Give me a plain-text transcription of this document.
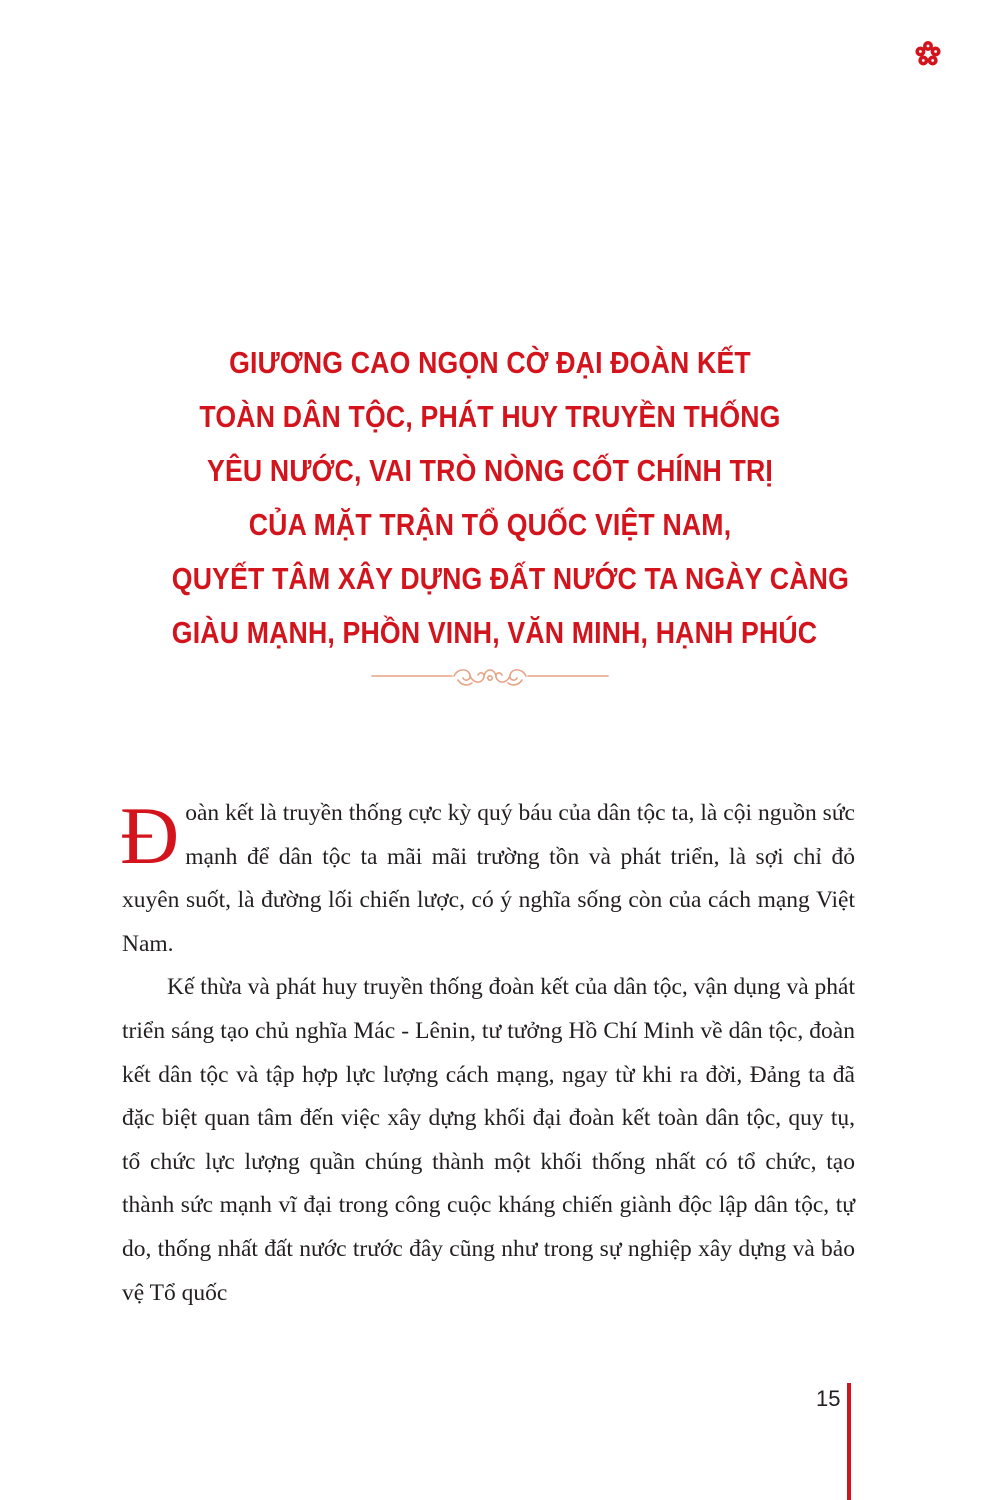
GIƯƠNG CAO NGỌN CỜ ĐẠI ĐOÀN KẾT
TOÀN DÂN TỘC, PHÁT HUY TRUYỀN THỐNG
YÊU NƯỚC, VAI TRÒ NÒNG CỐT CHÍNH TRỊ
CỦA MẶT TRẬN TỔ QUỐC VIỆT NAM,
QUYẾT TÂM XÂY DỰNG ĐẤT NƯỚC TA NGÀY CÀNG
GIÀU MẠNH, PHỒN VINH, VĂN MINH, HẠNH PHÚC

Đoàn kết là truyền thống cực kỳ quý báu của dân tộc ta, là cội nguồn sức mạnh để dân tộc ta mãi mãi trường tồn và phát triển, là sợi chỉ đỏ xuyên suốt, là đường lối chiến lược, có ý nghĩa sống còn của cách mạng Việt Nam.

Kế thừa và phát huy truyền thống đoàn kết của dân tộc, vận dụng và phát triển sáng tạo chủ nghĩa Mác - Lênin, tư tưởng Hồ Chí Minh về dân tộc, đoàn kết dân tộc và tập hợp lực lượng cách mạng, ngay từ khi ra đời, Đảng ta đã đặc biệt quan tâm đến việc xây dựng khối đại đoàn kết toàn dân tộc, quy tụ, tổ chức lực lượng quần chúng thành một khối thống nhất có tổ chức, tạo thành sức mạnh vĩ đại trong công cuộc kháng chiến giành độc lập dân tộc, tự do, thống nhất đất nước trước đây cũng như trong sự nghiệp xây dựng và bảo vệ Tổ quốc

15
